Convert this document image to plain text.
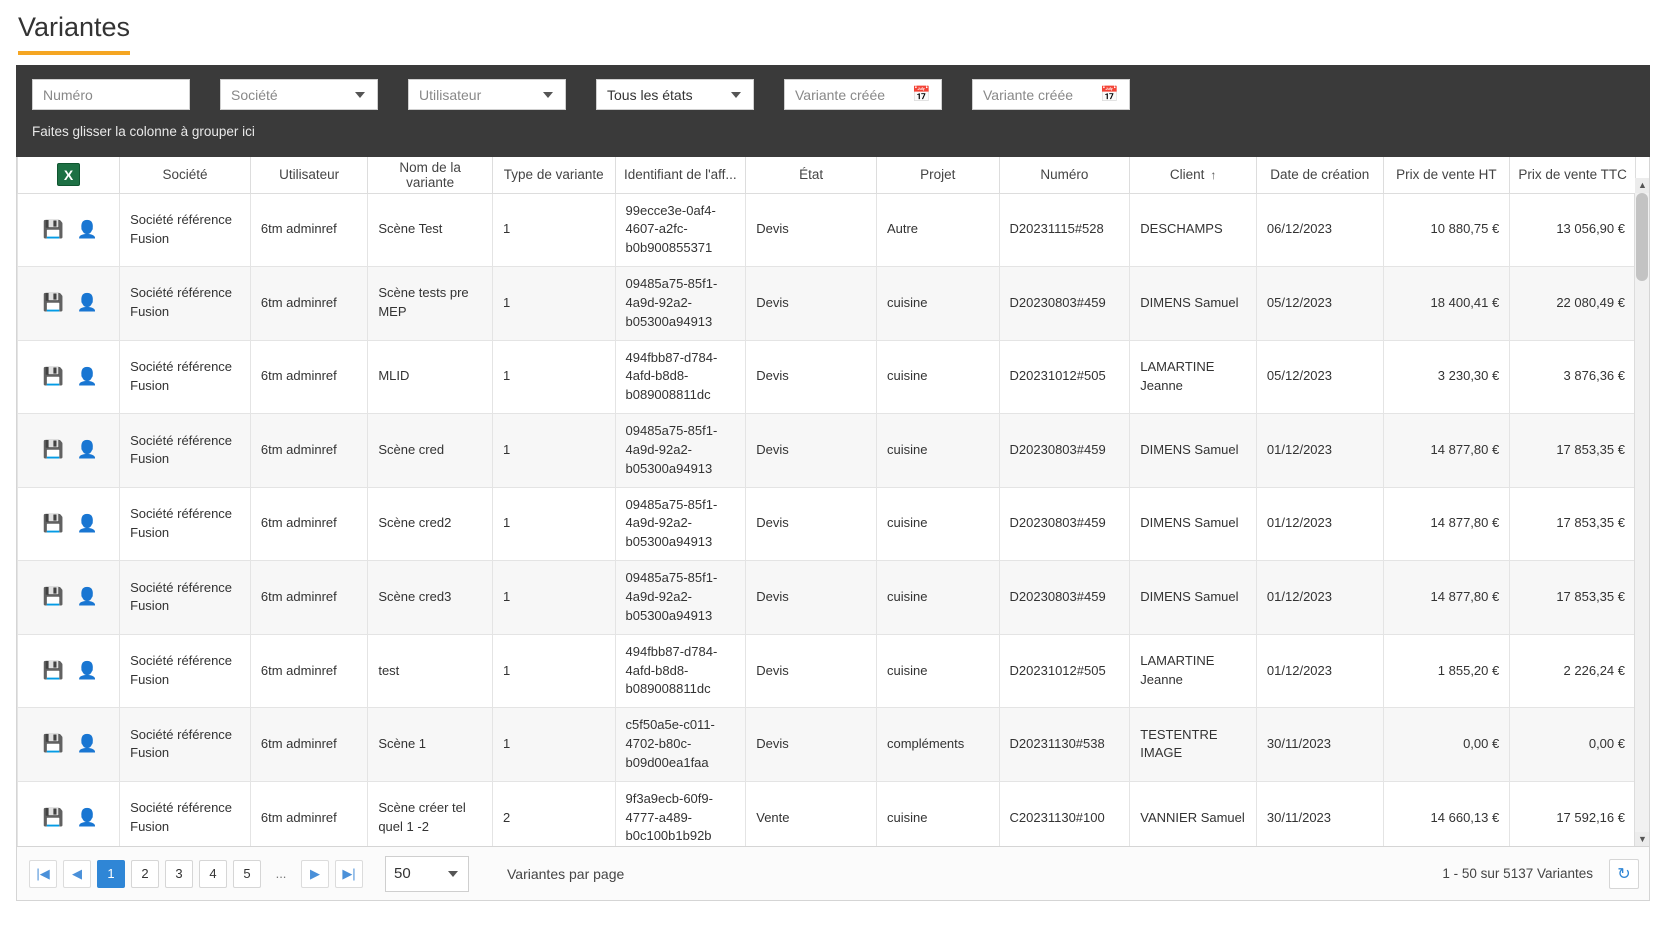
Variantes
Numéro	Société	Utilisateur	Tous les états	Variante créée 📅	Variante créée 📅
Faites glisser la colonne à grouper ici
X	Société	Utilisateur	Nom de la variante	Type de variante	Identifiant de l'aff...	État	Projet	Numéro	Client ↑	Date de création	Prix de vente HT	Prix de vente TTC

💾 👤	Société référence Fusion	6tm adminref	Scène Test	1	99ecce3e-0af4-4607-a2fc-b0b900855371	Devis	Autre	D20231115#528	DESCHAMPS	06/12/2023	10 880,75 €	13 056,90 €

💾 👤	Société référence Fusion	6tm adminref	Scène tests pre MEP	1	09485a75-85f1-4a9d-92a2-b05300a94913	Devis	cuisine	D20230803#459	DIMENS Samuel	05/12/2023	18 400,41 €	22 080,49 €

💾 👤	Société référence Fusion	6tm adminref	MLID	1	494fbb87-d784-4afd-b8d8-b089008811dc	Devis	cuisine	D20231012#505	LAMARTINE Jeanne	05/12/2023	3 230,30 €	3 876,36 €

💾 👤	Société référence Fusion	6tm adminref	Scène cred	1	09485a75-85f1-4a9d-92a2-b05300a94913	Devis	cuisine	D20230803#459	DIMENS Samuel	01/12/2023	14 877,80 €	17 853,35 €

💾 👤	Société référence Fusion	6tm adminref	Scène cred2	1	09485a75-85f1-4a9d-92a2-b05300a94913	Devis	cuisine	D20230803#459	DIMENS Samuel	01/12/2023	14 877,80 €	17 853,35 €

💾 👤	Société référence Fusion	6tm adminref	Scène cred3	1	09485a75-85f1-4a9d-92a2-b05300a94913	Devis	cuisine	D20230803#459	DIMENS Samuel	01/12/2023	14 877,80 €	17 853,35 €

💾 👤	Société référence Fusion	6tm adminref	test	1	494fbb87-d784-4afd-b8d8-b089008811dc	Devis	cuisine	D20231012#505	LAMARTINE Jeanne	01/12/2023	1 855,20 €	2 226,24 €

💾 👤	Société référence Fusion	6tm adminref	Scène 1	1	c5f50a5e-c011-4702-b80c-b09d00ea1faa	Devis	compléments	D20231130#538	TESTENTRE IMAGE	30/11/2023	0,00 €	0,00 €

💾 👤	Société référence Fusion	6tm adminref	Scène créer tel quel 1 -2	2	9f3a9ecb-60f9-4777-a489-b0c100b1b92b	Vente	cuisine	C20231130#100	VANNIER Samuel	30/11/2023	14 660,13 €	17 592,16 €
▲
▼
|◀	◀	1	2	3	4	5	...	▶	▶|	50	Variantes par page	1 - 50 sur 5137 Variantes	↻
